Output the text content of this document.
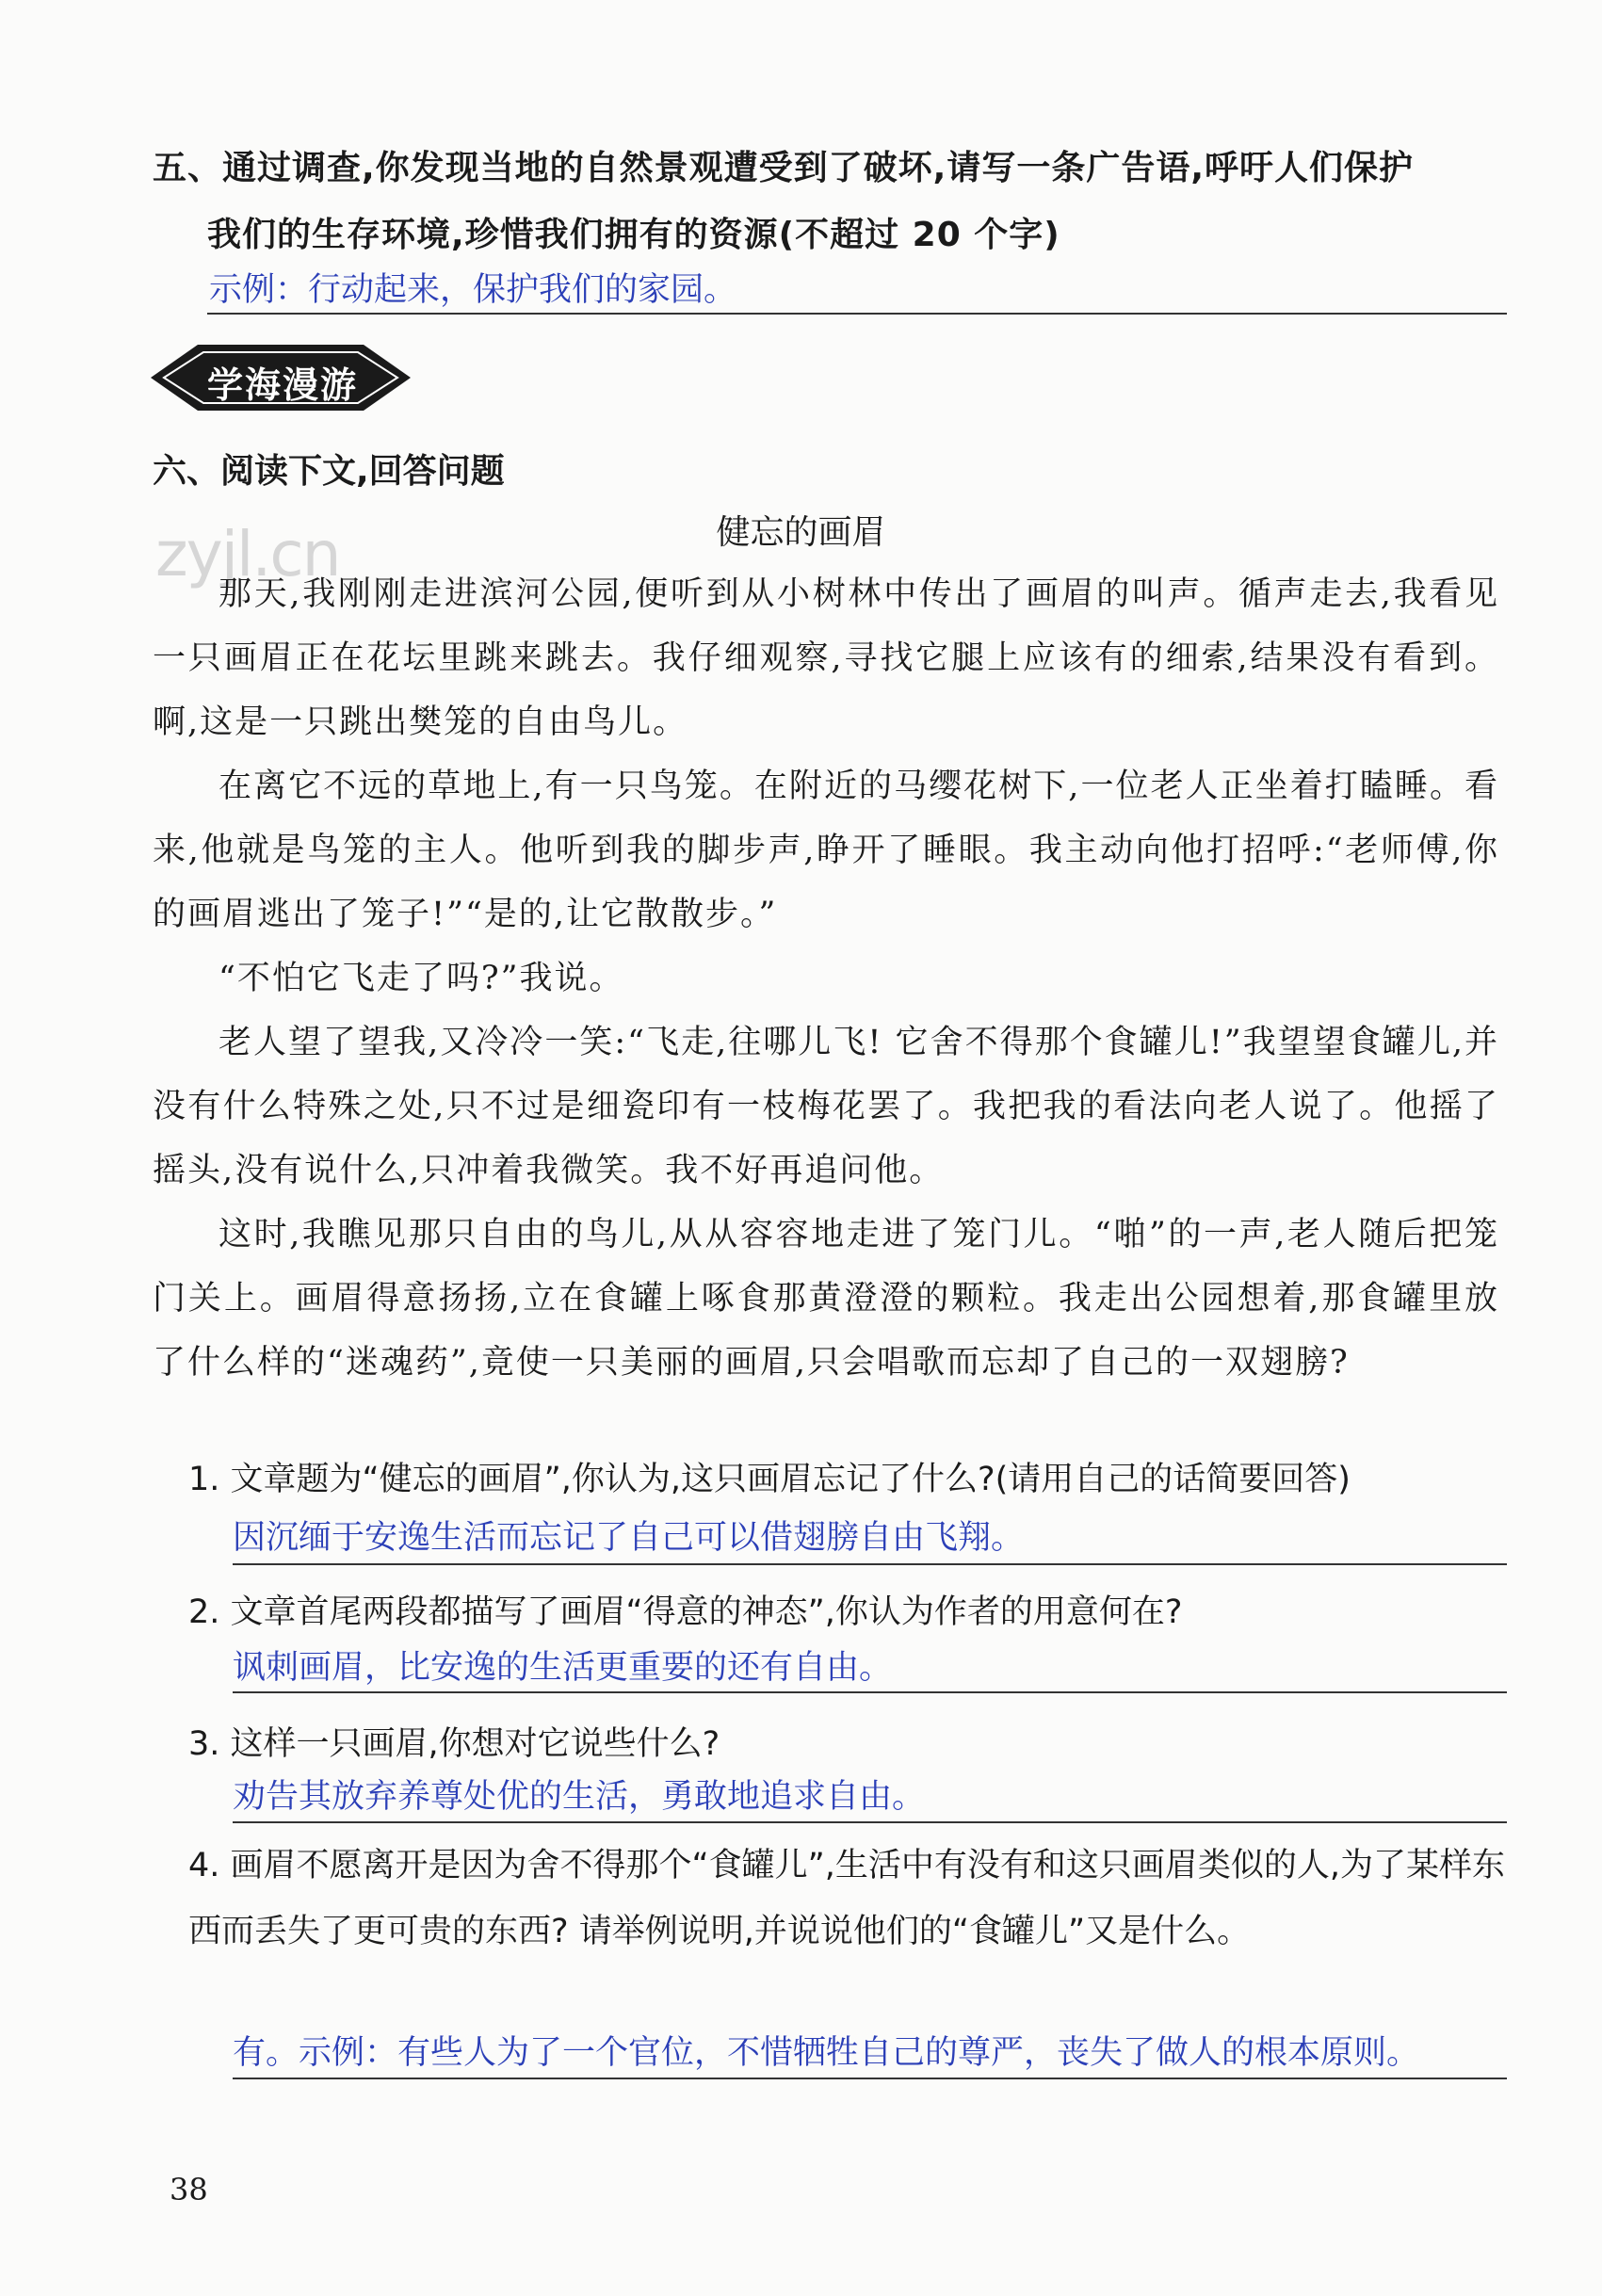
五、通过调查,你发现当地的自然景观遭受到了破坏,请写一条广告语,呼吁人们保护
我们的生存环境,珍惜我们拥有的资源(不超过 20 个字)
示例：行动起来，保护我们的家园。
学海漫游
六、阅读下文,回答问题
健忘的画眉
zyjl.cn
那天,我刚刚走进滨河公园,便听到从小树林中传出了画眉的叫声。循声走去,我看见一只画眉正在花坛里跳来跳去。我仔细观察,寻找它腿上应该有的细索,结果没有看到。啊,这是一只跳出樊笼的自由鸟儿。
在离它不远的草地上,有一只鸟笼。在附近的马缨花树下,一位老人正坐着打瞌睡。看来,他就是鸟笼的主人。他听到我的脚步声,睁开了睡眼。我主动向他打招呼:“老师傅,你的画眉逃出了笼子!”“是的,让它散散步。”
“不怕它飞走了吗?”我说。
老人望了望我,又冷冷一笑:“飞走,往哪儿飞! 它舍不得那个食罐儿!”我望望食罐儿,并没有什么特殊之处,只不过是细瓷印有一枝梅花罢了。我把我的看法向老人说了。他摇了摇头,没有说什么,只冲着我微笑。我不好再追问他。
这时,我瞧见那只自由的鸟儿,从从容容地走进了笼门儿。“啪”的一声,老人随后把笼门关上。画眉得意扬扬,立在食罐上啄食那黄澄澄的颗粒。我走出公园想着,那食罐里放了什么样的“迷魂药”,竟使一只美丽的画眉,只会唱歌而忘却了自己的一双翅膀?
1. 文章题为“健忘的画眉”,你认为,这只画眉忘记了什么?(请用自己的话简要回答)
因沉缅于安逸生活而忘记了自己可以借翅膀自由飞翔。
2. 文章首尾两段都描写了画眉“得意的神态”,你认为作者的用意何在?
讽刺画眉，比安逸的生活更重要的还有自由。
3. 这样一只画眉,你想对它说些什么?
劝告其放弃养尊处优的生活，勇敢地追求自由。
4. 画眉不愿离开是因为舍不得那个“食罐儿”,生活中有没有和这只画眉类似的人,为了某样东西而丢失了更可贵的东西? 请举例说明,并说说他们的“食罐儿”又是什么。
有。示例：有些人为了一个官位，不惜牺牲自己的尊严，丧失了做人的根本原则。
38
